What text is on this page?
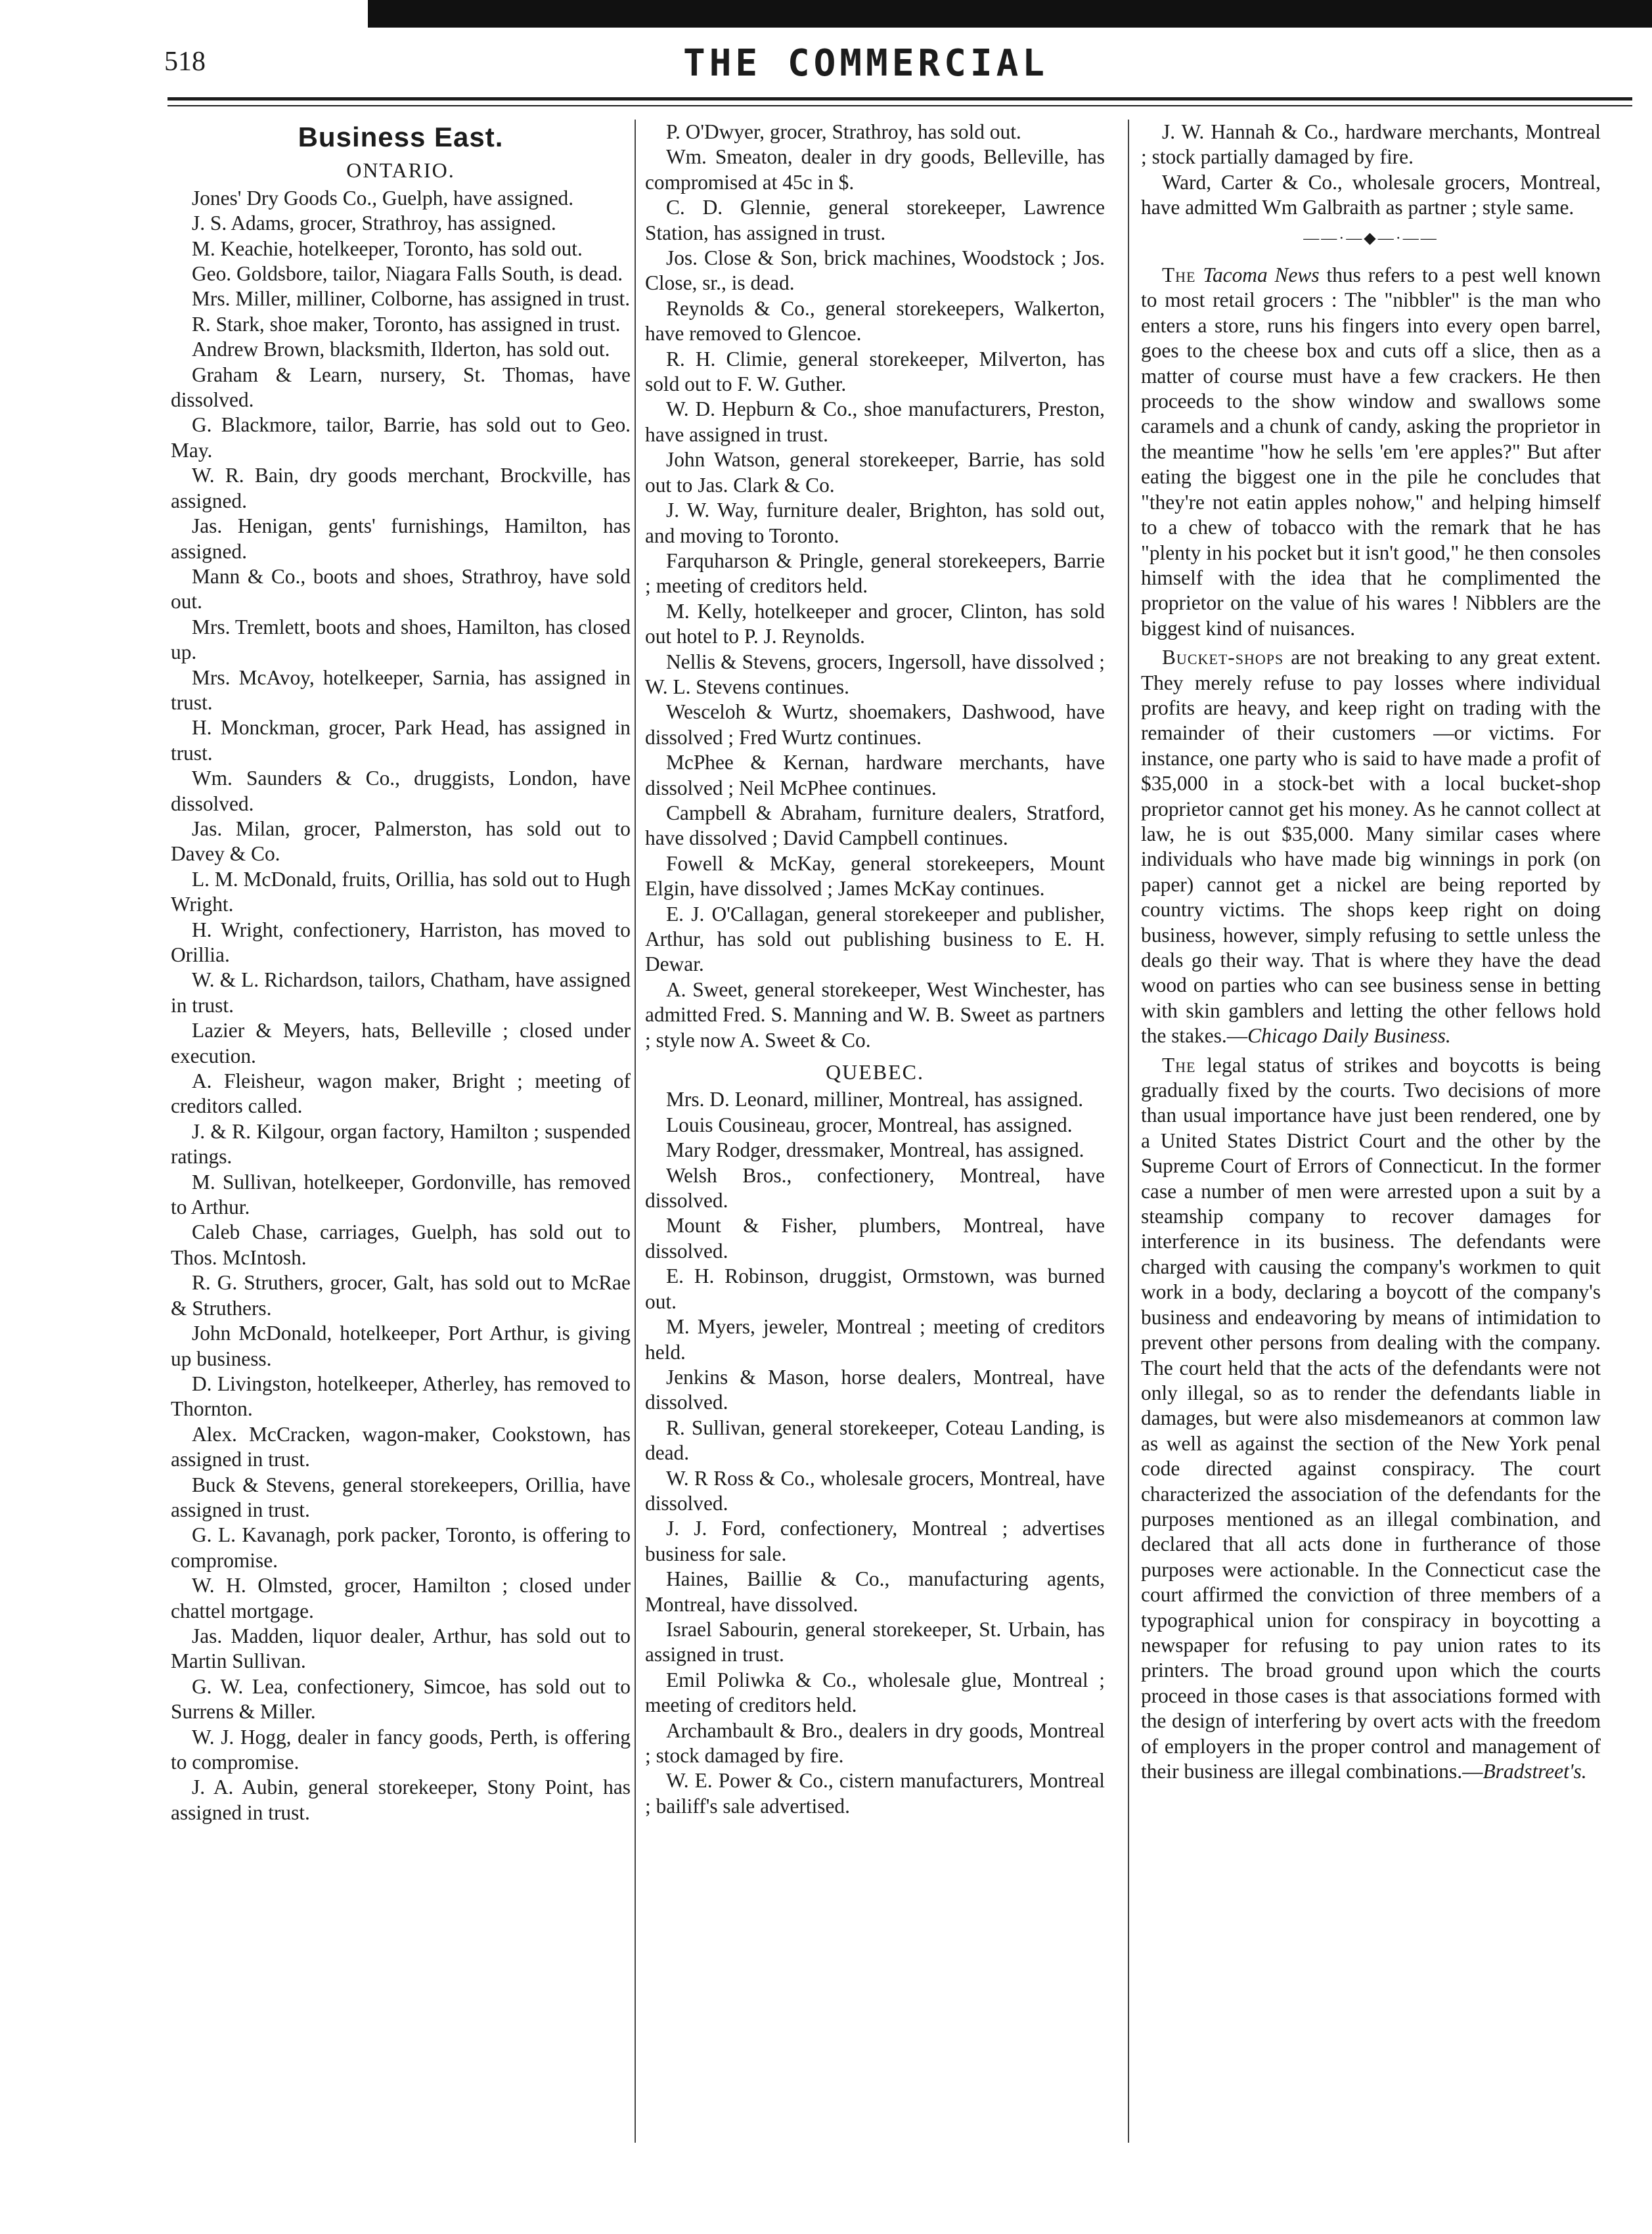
518	THE COMMERCIAL
Business East.
ONTARIO.

Jones' Dry Goods Co., Guelph, have assigned.

J. S. Adams, grocer, Strathroy, has assigned.

M. Keachie, hotelkeeper, Toronto, has sold out.

Geo. Goldsbore, tailor, Niagara Falls South, is dead.

Mrs. Miller, milliner, Colborne, has assigned in trust.

R. Stark, shoe maker, Toronto, has assigned in trust.

Andrew Brown, blacksmith, Ilderton, has sold out.

Graham & Learn, nursery, St. Thomas, have dissolved.

G. Blackmore, tailor, Barrie, has sold out to Geo. May.

W. R. Bain, dry goods merchant, Brockville, has assigned.

Jas. Henigan, gents' furnishings, Hamilton, has assigned.

Mann & Co., boots and shoes, Strathroy, have sold out.

Mrs. Tremlett, boots and shoes, Hamilton, has closed up.

Mrs. McAvoy, hotelkeeper, Sarnia, has assigned in trust.

H. Monckman, grocer, Park Head, has assigned in trust.

Wm. Saunders & Co., druggists, London, have dissolved.

Jas. Milan, grocer, Palmerston, has sold out to Davey & Co.

L. M. McDonald, fruits, Orillia, has sold out to Hugh Wright.

H. Wright, confectionery, Harriston, has moved to Orillia.

W. & L. Richardson, tailors, Chatham, have assigned in trust.

Lazier & Meyers, hats, Belleville ; closed under execution.

A. Fleisheur, wagon maker, Bright ; meeting of creditors called.

J. & R. Kilgour, organ factory, Hamilton ; suspended ratings.

M. Sullivan, hotelkeeper, Gordonville, has removed to Arthur.

Caleb Chase, carriages, Guelph, has sold out to Thos. McIntosh.

R. G. Struthers, grocer, Galt, has sold out to McRae & Struthers.

John McDonald, hotelkeeper, Port Arthur, is giving up business.

D. Livingston, hotelkeeper, Atherley, has removed to Thornton.

Alex. McCracken, wagon-maker, Cookstown, has assigned in trust.

Buck & Stevens, general storekeepers, Orillia, have assigned in trust.

G. L. Kavanagh, pork packer, Toronto, is offering to compromise.

W. H. Olmsted, grocer, Hamilton ; closed under chattel mortgage.

Jas. Madden, liquor dealer, Arthur, has sold out to Martin Sullivan.

G. W. Lea, confectionery, Simcoe, has sold out to Surrens & Miller.

W. J. Hogg, dealer in fancy goods, Perth, is offering to compromise.

J. A. Aubin, general storekeeper, Stony Point, has assigned in trust.

P. O'Dwyer, grocer, Strathroy, has sold out.

Wm. Smeaton, dealer in dry goods, Belleville, has compromised at 45c in $.

C. D. Glennie, general storekeeper, Lawrence Station, has assigned in trust.

Jos. Close & Son, brick machines, Woodstock ; Jos. Close, sr., is dead.

Reynolds & Co., general storekeepers, Walkerton, have removed to Glencoe.

R. H. Climie, general storekeeper, Milverton, has sold out to F. W. Guther.

W. D. Hepburn & Co., shoe manufacturers, Preston, have assigned in trust.

John Watson, general storekeeper, Barrie, has sold out to Jas. Clark & Co.

J. W. Way, furniture dealer, Brighton, has sold out, and moving to Toronto.

Farquharson & Pringle, general storekeepers, Barrie ; meeting of creditors held.

M. Kelly, hotelkeeper and grocer, Clinton, has sold out hotel to P. J. Reynolds.

Nellis & Stevens, grocers, Ingersoll, have dissolved ; W. L. Stevens continues.

Wesceloh & Wurtz, shoemakers, Dashwood, have dissolved ; Fred Wurtz continues.

McPhee & Kernan, hardware merchants, have dissolved ; Neil McPhee continues.

Campbell & Abraham, furniture dealers, Stratford, have dissolved ; David Campbell continues.

Fowell & McKay, general storekeepers, Mount Elgin, have dissolved ; James McKay continues.

E. J. O'Callagan, general storekeeper and publisher, Arthur, has sold out publishing business to E. H. Dewar.

A. Sweet, general storekeeper, West Winchester, has admitted Fred. S. Manning and W. B. Sweet as partners ; style now A. Sweet & Co.

QUEBEC.

Mrs. D. Leonard, milliner, Montreal, has assigned.

Louis Cousineau, grocer, Montreal, has assigned.

Mary Rodger, dressmaker, Montreal, has assigned.

Welsh Bros., confectionery, Montreal, have dissolved.

Mount & Fisher, plumbers, Montreal, have dissolved.

E. H. Robinson, druggist, Ormstown, was burned out.

M. Myers, jeweler, Montreal ; meeting of creditors held.

Jenkins & Mason, horse dealers, Montreal, have dissolved.

R. Sullivan, general storekeeper, Coteau Landing, is dead.

W. R Ross & Co., wholesale grocers, Montreal, have dissolved.

J. J. Ford, confectionery, Montreal ; advertises business for sale.

Haines, Baillie & Co., manufacturing agents, Montreal, have dissolved.

Israel Sabourin, general storekeeper, St. Urbain, has assigned in trust.

Emil Poliwka & Co., wholesale glue, Montreal ; meeting of creditors held.

Archambault & Bro., dealers in dry goods, Montreal ; stock damaged by fire.

W. E. Power & Co., cistern manufacturers, Montreal ; bailiff's sale advertised.

J. W. Hannah & Co., hardware merchants, Montreal ; stock partially damaged by fire.

Ward, Carter & Co., wholesale grocers, Montreal, have admitted Wm Galbraith as partner ; style same.

——·—◆—·——

The Tacoma News thus refers to a pest well known to most retail grocers : The "nibbler" is the man who enters a store, runs his fingers into every open barrel, goes to the cheese box and cuts off a slice, then as a matter of course must have a few crackers. He then proceeds to the show window and swallows some caramels and a chunk of candy, asking the proprietor in the meantime "how he sells 'em 'ere apples?" But after eating the biggest one in the pile he concludes that "they're not eatin apples nohow," and helping himself to a chew of tobacco with the remark that he has "plenty in his pocket but it isn't good," he then consoles himself with the idea that he complimented the proprietor on the value of his wares ! Nibblers are the biggest kind of nuisances.

Bucket-shops are not breaking to any great extent. They merely refuse to pay losses where individual profits are heavy, and keep right on trading with the remainder of their customers —or victims. For instance, one party who is said to have made a profit of $35,000 in a stock-bet with a local bucket-shop proprietor cannot get his money. As he cannot collect at law, he is out $35,000. Many similar cases where individuals who have made big winnings in pork (on paper) cannot get a nickel are being reported by country victims. The shops keep right on doing business, however, simply refusing to settle unless the deals go their way. That is where they have the dead wood on parties who can see business sense in betting with skin gamblers and letting the other fellows hold the stakes.—Chicago Daily Business.

The legal status of strikes and boycotts is being gradually fixed by the courts. Two decisions of more than usual importance have just been rendered, one by a United States District Court and the other by the Supreme Court of Errors of Connecticut. In the former case a number of men were arrested upon a suit by a steamship company to recover damages for interference in its business. The defendants were charged with causing the company's workmen to quit work in a body, declaring a boycott of the company's business and endeavoring by means of intimidation to prevent other persons from dealing with the company. The court held that the acts of the defendants were not only illegal, so as to render the defendants liable in damages, but were also misdemeanors at common law as well as against the section of the New York penal code directed against conspiracy. The court characterized the association of the defendants for the purposes mentioned as an illegal combination, and declared that all acts done in furtherance of those purposes were actionable. In the Connecticut case the court affirmed the conviction of three members of a typographical union for conspiracy in boycotting a newspaper for refusing to pay union rates to its printers. The broad ground upon which the courts proceed in those cases is that associations formed with the design of interfering by overt acts with the freedom of employers in the proper control and management of their business are illegal combinations.—Bradstreet's.
